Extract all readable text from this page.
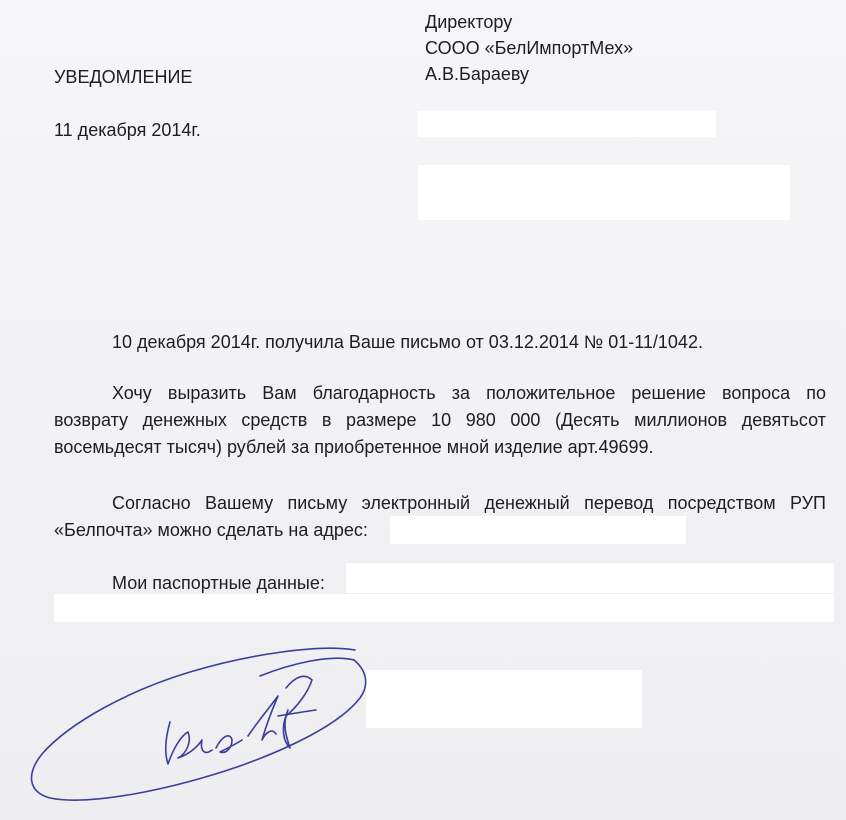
Директору
СООО «БелИмпортМех»
А.В.Бараеву
УВЕДОМЛЕНИЕ
11 декабря 2014г.
10 декабря 2014г. получила Ваше письмо от 03.12.2014 № 01-11/1042.
Хочу выразить Вам благодарность за положительное решение вопроса по
возврату денежных средств в размере 10 980 000 (Десять миллионов девятьсот
восемьдесят тысяч) рублей за приобретенное мной изделие арт.49699.
Согласно Вашему письму электронный денежный перевод посредством РУП
«Белпочта» можно сделать на адрес:
Мои паспортные данные:
